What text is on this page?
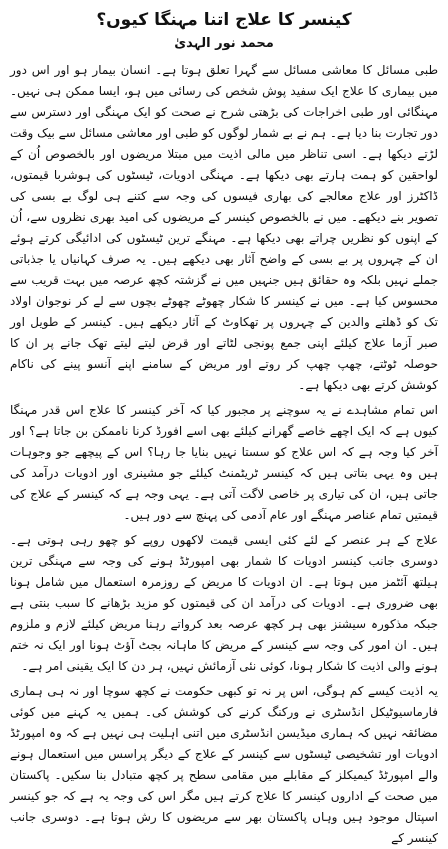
کینسر کا علاج اتنا مہنگا کیوں؟
محمد نور الہدیٰ

طبی مسائل کا معاشی مسائل سے گہرا تعلق ہوتا ہے۔ انسان بیمار ہو اور اس دور میں بیماری کا علاج ایک سفید پوش شخص کی رسائی میں ہو، ایسا ممکن ہی نہیں۔ مہنگائی اور طبی اخراجات کی بڑھتی شرح نے صحت کو ایک مہنگی اور دسترس سے دور تجارت بنا دیا ہے۔ ہم نے بے شمار لوگوں کو طبی اور معاشی مسائل سے بیک وقت لڑتے دیکھا ہے۔ اسی تناظر میں مالی اذیت میں مبتلا مریضوں اور بالخصوص اُن کے لواحقین کو ہمت ہارتے بھی دیکھا ہے۔ مہنگی ادویات، ٹیسٹوں کی ہوشربا قیمتوں، ڈاکٹرز اور علاج معالجے کی بھاری فیسوں کی وجہ سے کتنے ہی لوگ بے بسی کی تصویر بنے دیکھے۔ میں نے بالخصوص کینسر کے مریضوں کی امید بھری نظروں سے، اُن کے اپنوں کو نظریں چراتے بھی دیکھا ہے۔ مہنگے ترین ٹیسٹوں کی ادائیگی کرتے ہوئے ان کے چہروں پر بے بسی کے واضح آثار بھی دیکھے ہیں۔ یہ صرف کہانیاں یا جذباتی جملے نہیں بلکہ وہ حقائق ہیں جنہیں میں نے گزشتہ کچھ عرصہ میں بہت قریب سے محسوس کیا ہے۔ میں نے کینسر کا شکار چھوٹے چھوٹے بچوں سے لے کر نوجوان اولاد تک کو ڈھلتے والدین کے چہروں پر تھکاوٹ کے آثار دیکھے ہیں۔ کینسر کے طویل اور صبر آزما علاج کیلئے اپنی جمع پونجی لٹاتے اور قرض لیتے لیتے تھک جانے پر ان کا حوصلہ ٹوٹتے، چھپ چھپ کر روتے اور مریض کے سامنے اپنے آنسو پینے کی ناکام کوشش کرتے بھی دیکھا ہے۔

اس تمام مشاہدے نے یہ سوچنے پر مجبور کیا کہ آخر کینسر کا علاج اس قدر مہنگا کیوں ہے کہ ایک اچھے خاصے گھرانے کیلئے بھی اسے افورڈ کرنا ناممکن بن جاتا ہے؟ اور آخر کیا وجہ ہے کہ اس علاج کو سستا نہیں بنایا جا رہا؟ اس کے پیچھے جو وجوہات ہیں وہ یہی بتاتی ہیں کہ کینسر ٹریٹمنٹ کیلئے جو مشینری اور ادویات درآمد کی جاتی ہیں، ان کی تیاری پر خاصی لاگت آتی ہے۔ یہی وجہ ہے کہ کینسر کے علاج کی قیمتیں تمام عناصر مہنگے اور عام آدمی کی پہنچ سے دور ہیں۔

علاج کے ہر عنصر کے لئے کئی ایسی قیمت لاکھوں روپے کو چھو رہی ہوتی ہے۔ دوسری جانب کینسر ادویات کا شمار بھی امپورٹڈ ہونے کی وجہ سے مہنگی ترین ہیلتھ آئٹمز میں ہوتا ہے۔ ان ادویات کا مریض کے روزمرہ استعمال میں شامل ہونا بھی ضروری ہے۔ ادویات کی درآمد ان کی قیمتوں کو مزید بڑھانے کا سبب بنتی ہے جبکہ مذکورہ سیشنز بھی ہر کچھ عرصہ بعد کرواتے رہنا مریض کیلئے لازم و ملزوم ہیں۔ ان امور کی وجہ سے کینسر کے مریض کا ماہانہ بجٹ آؤٹ ہونا اور ایک نہ ختم ہونے والی اذیت کا شکار ہونا، کوئی نئی آزمائش نہیں، ہر دن کا ایک یقینی امر ہے۔

یہ اذیت کیسے کم ہوگی، اس پر نہ تو کبھی حکومت نے کچھ سوچا اور نہ ہی ہماری فارماسیوٹیکل انڈسٹری نے ورکنگ کرنے کی کوشش کی۔ ہمیں یہ کہنے میں کوئی مضائقہ نہیں کہ ہماری میڈیسن انڈسٹری میں اتنی اہلیت ہی نہیں ہے کہ وہ امپورٹڈ ادویات اور تشخیصی ٹیسٹوں سے کینسر کے علاج کے دیگر پراسس میں استعمال ہونے والے امپورٹڈ کیمیکلز کے مقابلے میں مقامی سطح پر کچھ متبادل بنا سکیں۔ پاکستان میں صحت کے اداروں کینسر کا علاج کرتے ہیں مگر اس کی وجہ یہ ہے کہ جو کینسر اسپتال موجود ہیں وہاں پاکستان بھر سے مریضوں کا رش ہوتا ہے۔ دوسری جانب کینسر کے
